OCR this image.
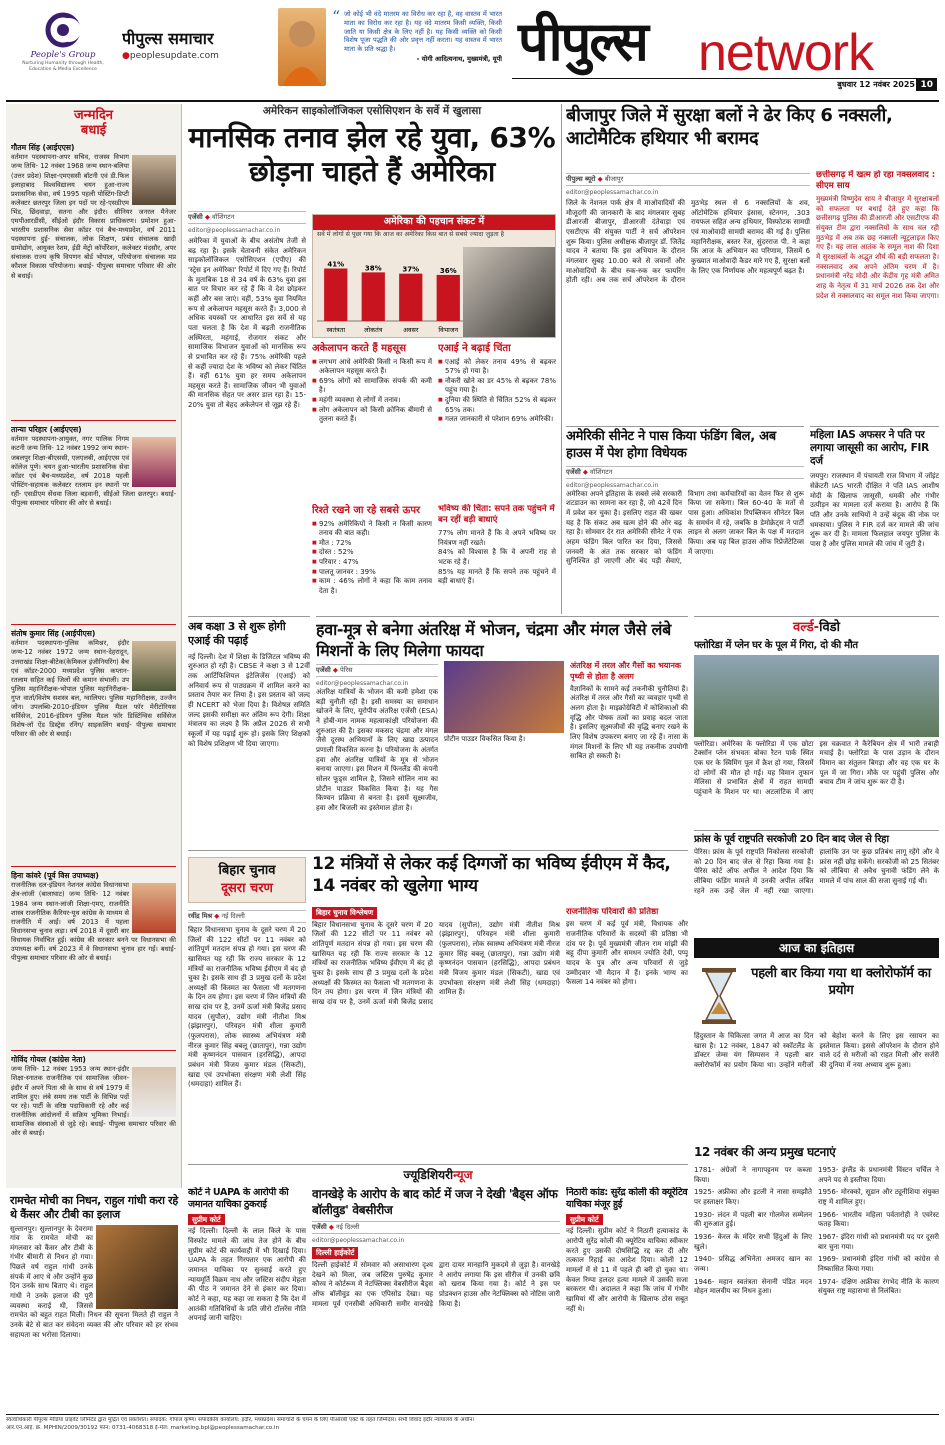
People's Group
Nurturing Humanity through Health, Education & Media Excellence
पीपुल्स समाचार
●peoplesupdate.com
“ जो कोई भी वंदे मातरम का विरोध कर रहा है, वह वास्तव में भारत माता का विरोध कर रहा है। यह वंदे मातरम किसी व्यक्ति, किसी जाति या किसी क्षेत्र के लिए नहीं है। यह किसी व्यक्ति को किसी विशेष पूजा पद्धति की ओर प्रवृत्त नहीं करता। यह वास्तव में भारत माता के प्रति श्रद्धा है।
- योगी आदित्यनाथ, मुख्यमंत्री, यूपी पीपुल्स network
बुधवार 12 नवंबर 2025 10
जन्मदिन
बधाई
गौतम सिंह (आईएएस)
वर्तमान पदस्थापना-अपर सचिव, राजस्व विभाग जन्म तिथि- 12 नवंबर 1968 जन्म स्थान-बलिया (उत्तर प्रदेश) शिक्षा-एमएससी बॉटनी एवं डी.फिल इलाहाबाद विश्वविद्यालय चयन हुआ-राज्य प्रशासनिक सेवा, वर्ष 1995 पहली पोस्टिंग-डिप्टी कलेक्टर छतरपुर जिला इन पदों पर रहे-एसडीएम भिंड, छिंदवाड़ा, सतना और इंदौर। सीनियर जनरल मैनेजर एमपीआरडीसी, सीईओ इंदौर विकास प्राधिकरण। प्रमोशन हुआ-भारतीय प्रशासनिक सेवा कॉडर एवं बैच-मध्यप्रदेश, वर्ष 2011 पदस्थापना हुई- संचालक, लोक शिक्षण, प्रबंध संचालक खादी ग्रामोद्योग, आयुक्त रेशम, ईडी मेट्रो कॉर्पोरेशन, कलेक्टर मंदसौर, अपर संचालक राज्य कृषि विपणन बोर्ड भोपाल, परियोजना संचालक मप्र कौशल विकास परियोजना। बधाई- पीपुल्स समाचार परिवार की ओर से बधाई।
तान्या परिहार (आईएएस)
वर्तमान पदस्थापना-आयुक्त, नगर पालिक निगम कटनी जन्म तिथि- 12 नवंबर 1992 जन्म स्थान-जबलपुर शिक्षा-बीएससी, एलएलबी, आईएएस एवं कॉलेज पूणे। चयन हुआ-भारतीय प्रशासनिक सेवा कॉडर एवं बैच-मध्यप्रदेश, वर्ष 2018 पहली पोस्टिंग-सहायक कलेक्टर रतलाम इन स्थानों पर रहीं- एसडीएम सेंधवा जिला बड़वानी, सीईओ जिला छतरपुर। बधाई- पीपुल्स समाचार परिवार की ओर से बधाई।
संतोष कुमार सिंह (आईपीएस)
वर्तमान पदस्थापना-पुलिस कमिश्नर, इंदौर जन्म-12 नवंबर 1972 जन्म स्थान-देहरादून, उत्तराखंड शिक्षा-बीटेक(केमिकल इंजीनियरिंग) बैच एवं कॉडर-2000 मध्यप्रदेश पुलिस कप्तान-रतलाम सहित कई जिलों की कमान संभाली। उप पुलिस महानिरीक्षक-भोपाल पुलिस महानिरीक्षक-गुप्त वार्ता/विशेष सशस्त्र बल, ग्वालियर। पुलिस महानिरीक्षक, उज्जैन जोन। उपलब्धि-2010-इंडियन पुलिस मैडल फॉर मेरीटोरियस सर्विसेज, 2016-इंडियन पुलिस मैडल फॉर डिस्टिंग्विस सर्विसेज विशेष-लॉ ऐंड डिस्ट्रेस रनिंग/ साइकलिंग बधाई- पीपुल्स समाचार परिवार की ओर से बधाई।
हिना कांवरे (पूर्व विस उपाध्यक्ष)
राजनीतिक दल-इंडियन नेशनल कांग्रेस विधानसभा क्षेत्र-लांजी (बालाघाट) जन्म तिथि- 12 नवंबर 1984 जन्म स्थान-लांजी शिक्षा-एमए, राजनीति शास्त्र राजनीतिक कैरियर-यूथ कांग्रेस के माध्यम से राजनीति में आईं। वर्ष 2013 में पहला विधानसभा चुनाव लड़ा। वर्ष 2018 में दूसरी बार विधायक निर्वाचित हुईं। कांग्रेस की सरकार बनने पर विधानसभा की उपाध्यक्ष बनीं। वर्ष 2023 में वे विधानसभा चुनाव हार गईं। बधाई- पीपुल्स समाचार परिवार की ओर से बधाई।
गोविंद गोयल (कांग्रेस नेता)
जन्म तिथि- 12 नवंबर 1953 जन्म स्थान-इंदौर शिक्षा-स्नातक राजनीतिक एवं सामाजिक जीवन-इंदौर में अपने पिता श्री के साथ से वर्ष 1979 में शामिल हुए। लंबे समय तक पार्टी के विभिन्न पदों पर रहे। पार्टी के वरिष्ठ पदाधिकारी रहे और कई राजनीतिक आंदोलनों में सक्रिय भूमिका निभाई। सामाजिक संस्थाओं से जुड़े रहे। बधाई- पीपुल्स समाचार परिवार की ओर से बधाई।
रामचेत मोची का निधन, राहुल गांधी करा रहे थे कैंसर और टीबी का इलाज
सुल्तानपुर। सुल्तानपुर के देवरामा गांव के रामचेत मोची का मंगलवार को कैंसर और टीबी के गंभीर बीमारी से निधन हो गया। पिछले वर्ष राहुल गांधी उनके संपर्क में आए थे और उन्होंने कुछ दिन उनके साथ बिताए थे। राहुल गांधी ने उनके इलाज की पूरी व्यवस्था कराई थी, जिससे रामचेत को बहुत राहत मिली। निधन की सूचना मिलते ही राहुल ने उनके बेटे से बात कर संवेदना व्यक्त की और परिवार को हर संभव सहायता का भरोसा दिलाया।
अमेरिकन साइकोलॉजिकल एसोसिएशन के सर्वे में खुलासा
मानसिक तनाव झेल रहे युवा, 63% छोड़ना चाहते हैं अमेरिका
एजेंसी ◆ वॉशिंगटन
editor@peoplessamachar.co.in
अमेरिका में युवाओं के बीच असंतोष तेजी से बढ़ रहा है। इसके चेतावनी संकेत अमेरिकन साइकोलॉजिकल एसोसिएशन (एपीए) की 'स्ट्रेस इन अमेरिका' रिपोर्ट में दिए गए हैं। रिपोर्ट के मुताबिक 18 से 34 वर्ष के 63% युवा इस बात पर विचार कर रहे हैं कि वे देश छोड़कर कहीं और बस जाएं। वहीं, 53% युवा नियमित रूप से अकेलापन महसूस करते हैं। 3,000 से अधिक वयस्कों पर आधारित इस सर्वे से यह पता चलता है कि देश में बढ़ती राजनीतिक अस्थिरता, महंगाई, रोजगार संकट और सामाजिक विभाजन युवाओं को मानसिक रूप से प्रभावित कर रहे हैं। 75% अमेरिकी पहले से कहीं ज्यादा देश के भविष्य को लेकर चिंतित हैं। वहीं 61% युवा हर समय अकेलापन महसूस करते हैं। सामाजिक जीवन भी युवाओं की मानसिक सेहत पर असर डाल रहा है। 15-20% युवा तो बेहद अकेलेपन से जूझ रहे हैं।
अमेरिका की पहचान संकट में
सर्वे में लोगों से पूछा गया कि आज का अमेरिका किस बात से सबसे ज्यादा जुड़ता है
41%
स्वतंत्रता
38%
लोकतंत्र
37%
अवसर
36%
विभाजन
अकेलापन करते हैं महसूस
■ लगभग आधे अमेरिकी किसी न किसी रूप में अकेलापन महसूस करते हैं।
■ 69% लोगों को सामाजिक संपर्क की कमी है।
■ महंगी व्यवस्था से लोगों में तनाव।
■ लोग अकेलापन को किसी क्रोनिक बीमारी से तुलना करते हैं।
एआई ने बढ़ाई चिंता
■ एआई को लेकर तनाव 49% से बढ़कर 57% हो गया है।
■ नौकरी खोने का डर 45% से बढ़कर 78% पहुंच गया है।
■ दुनिया की स्थिति से चिंतित 52% से बढ़कर 65% तक।
■ गलत जानकारी से परेशान 69% अमेरिकी।
रिश्ते रखने जा रहे सबसे ऊपर
■ 92% अमेरिकियों ने किसी न किसी कारण तनाव की बात कही।
■ मौत : 72%
■ दोस्त : 52%
■ परिवार : 47%
■ पालतू जानवर : 39%
■ काम : 46% लोगों ने कहा कि काम तनाव देता है।
भविष्य की चिंता: सपने तक पहुंचने में बन रहीं बड़ी बाधाएं
77% लोग मानते हैं कि वे अपने भविष्य पर नियंत्रण नहीं रखते।
84% को विश्वास है कि वे अपनी राह से भटक रहे हैं।
85% यह मानते हैं कि सपने तक पहुंचने में बड़ी बाधाएं हैं।
बीजापुर जिले में सुरक्षा बलों ने ढेर किए 6 नक्सली, आटोमैटिक हथियार भी बरामद
पीपुल्स ब्यूरो ◆ बीजापुर
editor@peoplessamachar.co.in
जिले के नेशनल पार्क क्षेत्र में माओवादियों की मौजूदगी की जानकारी के बाद मंगलवार सुबह डीआरजी बीजापुर, डीआरजी दंतेवाड़ा एवं एसटीएफ की संयुक्त पार्टी ने सर्च ऑपरेशन शुरू किया। पुलिस अधीक्षक बीजापुर डॉ. जितेंद्र यादव ने बताया कि इस अभियान के दौरान मंगलवार सुबह 10.00 बजे से जवानों और माओवादियों के बीच रुक-रुक कर फायरिंग होती रही। अब तक सर्च ऑपरेशन के दौरान मुठभेड़ स्थल से 6 नक्सलियों के शव, ऑटोमेटिक हथियार इंसास, स्टेनगन, .303 रायफल सहित अन्य हथियार, विस्फोटक सामग्री एवं माओवादी सामग्री बरामद की गई है। पुलिस महानिरीक्षक, बस्तर रेंज, सुंदरराज पी. ने कहा कि आज के अभियान का परिणाम, जिसमें 6 कुख्यात माओवादी कैडर मारे गए हैं, सुरक्षा बलों के लिए एक निर्णायक और महत्वपूर्ण बढ़त है।
छत्तीसगढ़ में खत्म हो रहा नक्सलवाद : सीएम साय
मुख्यमंत्री विष्णुदेव साय ने बीजापुर में सुरक्षाबलों को सफलता पर बधाई देते हुए कहा कि छत्तीसगढ़ पुलिस की डीआरजी और एसटीएफ की संयुक्त टीम द्वारा नक्सलियों के साथ चल रही मुठभेड़ में अब तक छह नक्सली न्यूट्रलाइज किए गए हैं। यह लाल आतंक के समूल नाश की दिशा में सुरक्षाबलों के अद्भुत शौर्य की बड़ी सफलता है। नक्सलवाद अब अपने अंतिम चरण में है। प्रधानमंत्री नरेंद्र मोदी और केंद्रीय गृह मंत्री अमित शाह के नेतृत्व में 31 मार्च 2026 तक देश और प्रदेश से नक्सलवाद का समूल नाश किया जाएगा।
अमेरिकी सीनेट ने पास किया फंडिंग बिल, अब हाउस में पेश होगा विधेयक
एजेंसी ◆ वॉशिंगटन
editor@peoplessamachar.co.in
अमेरिका अपने इतिहास के सबसे लंबे सरकारी शटडाउन का सामना कर रहा है, जो 42वें दिन में प्रवेश कर चुका है। इसलिए राहत की खबर यह है कि संकट अब खत्म होने की ओर बढ़ रहा है। सोमवार देर रात अमेरिकी सीनेट ने एक अहम फंडिंग बिल पारित कर दिया, जिससे जनवरी के अंत तक सरकार को फंडिंग सुनिश्चित हो जाएगी और बंद पड़ी सेवाएं, विभाग तथा कर्मचारियों का वेतन फिर से शुरू किया जा सकेगा। बिल 60-40 के मतों से पास हुआ। अधिकांश रिपब्लिकन सीनेटर बिल के समर्थन में रहे, जबकि 8 डेमोक्रेट्स ने पार्टी लाइन से अलग जाकर बिल के पक्ष में मतदान किया। अब यह बिल हाउस ऑफ रिप्रेजेंटेटिव्स में जाएगा।
महिला IAS अफसर ने पति पर लगाया जासूसी का आरोप, FIR दर्ज
जयपुर। राजस्थान में पंचायती राज विभाग में जॉइंट सेक्रेटरी IAS भारती दीक्षित ने पति IAS आशीष मोदी के खिलाफ जासूसी, धमकी और गंभीर उत्पीड़न का मामला दर्ज कराया है। आरोप है कि पति और उनके साथियों ने उन्हें बंदूक की नोक पर धमकाया। पुलिस ने FIR दर्ज कर मामले की जांच शुरू कर दी है। मामला फिलहाल जयपुर पुलिस के पास है और पुलिस मामले की जांच में जुटी है।
अब कक्षा 3 से शुरू होगी एआई की पढ़ाई
नई दिल्ली। देश में शिक्षा के डिजिटल भविष्य की शुरुआत हो रही है। CBSE ने कक्षा 3 से 12वीं तक आर्टिफिशियल इंटेलिजेंस (एआई) को अनिवार्य रूप से पाठ्यक्रम में शामिल करने का प्रस्ताव तैयार कर लिया है। इस प्रस्ताव को जल्द ही NCERT को भेजा दिया है। विशेषज्ञ समिति जल्द इसकी समीक्षा कर अंतिम रूप देगी। शिक्षा मंत्रालय का लक्ष्य है कि अप्रैल 2026 से सभी स्कूलों में यह पढ़ाई शुरू हो। इसके लिए शिक्षकों को विशेष प्रशिक्षण भी दिया जाएगा।
हवा-मूत्र से बनेगा अंतरिक्ष में भोजन, चंद्रमा और मंगल जैसे लंबे मिशनों के लिए मिलेगा फायदा
एजेंसी ◆ पेरिस
editor@peoplessamachar.co.in
अंतरिक्ष यात्रियों के भोजन की कमी हमेशा एक बड़ी चुनौती रही है। इसी समस्या का समाधान खोजने के लिए, यूरोपीय अंतरिक्ष एजेंसी (ESA) ने होबी-मान नामक महत्वाकांक्षी परियोजना की शुरुआत की है। इसका मकसद चंद्रमा और मंगल जैसे दूरस्थ अभियानों के लिए खाद्य उत्पादन प्रणाली विकसित करना है। परियोजना के अंतर्गत हवा और अंतरिक्ष यात्रियों के मूत्र से भोजन बनाया जाएगा। इस मिशन में फिनलैंड की कंपनी सोलर फूड्स शामिल है, जिसने सोलिन नाम का प्रोटीन पाउडर विकसित किया है। यह गैस किण्वन प्रक्रिया से बनता है। इसमें सूक्ष्मजीव, हवा और बिजली का इस्तेमाल होता है।
प्रोटीन पाउडर विकसित किया है।
अंतरिक्ष में तरल और गैसों का भयानक पृथ्वी से होता है अलग
वैज्ञानिकों के सामने कई तकनीकी चुनौतियां हैं। अंतरिक्ष में तरल और गैसों का व्यवहार पृथ्वी से अलग होता है। माइक्रोग्रेविटी में कोशिकाओं की वृद्धि और पोषक तत्वों का प्रवाह बदल जाता है। इसलिए सूक्ष्मजीवों की वृद्धि बनाए रखने के लिए विशेष उपकरण बनाए जा रहे हैं। नासा के मंगल मिशनों के लिए भी यह तकनीक उपयोगी साबित हो सकती है।
वर्ल्ड-विडो
फ्लोरिडा में प्लेन घर के पूल में गिरा, दो की मौत
फ्लोरिडा। अमेरिका के फ्लोरिडा में एक छोटा टेक्सॉन प्लेन संभवतः बोका रैटन पार्क स्थित एक घर के स्विमिंग पूल में क्रैश हो गया, जिसमें दो लोगों की मौत हो गई। यह विमान तूफान मेलिसा से प्रभावित क्षेत्रों में राहत सामग्री पहुंचाने के मिशन पर था। अटलांटिक में आए इस चक्रवात ने कैरेबियन क्षेत्र में भारी तबाही मचाई है। फ्लोरिडा के पास उड़ान के दौरान विमान का संतुलन बिगड़ा और वह एक घर के पूल में जा गिरा। मौके पर पहुंची पुलिस और बचाव टीम ने जांच शुरू कर दी है।
फ्रांस के पूर्व राष्ट्रपति सरकोजी 20 दिन बाद जेल से रिहा
पेरिस। फ्रांस के पूर्व राष्ट्रपति निकोलस सरकोजी को 20 दिन बाद जेल से रिहा किया गया है। पेरिस कोर्ट ऑफ अपील ने आदेश दिया कि लीबिया फंडिंग मामले में उनकी अपील लंबित रहने तक उन्हें जेल में नहीं रखा जाएगा। हालांकि उन पर कुछ प्रतिबंध लागू रहेंगे और वे फ्रांस नहीं छोड़ सकेंगे। सरकोजी को 25 सितंबर को लीबिया से अवैध चुनावी फंडिंग लेने के मामले में पांच साल की सजा सुनाई गई थी।
बिहार चुनाव
दूसरा चरण
12 मंत्रियों से लेकर कई दिग्गजों का भविष्य ईवीएम में कैद, 14 नवंबर को खुलेगा भाग्य
रवींद्र मिश्र ◆ नई दिल्ली
बिहार विधानसभा चुनाव के दूसरे चरण में 20 जिलों की 122 सीटों पर 11 नवंबर को शांतिपूर्ण मतदान संपन्न हो गया। इस चरण की खासियत यह रही कि राज्य सरकार के 12 मंत्रियों का राजनीतिक भविष्य ईवीएम में बंद हो चुका है। इसके साथ ही 3 प्रमुख दलों के प्रदेश अध्यक्षों की किस्मत का फैसला भी मतगणना के दिन तय होगा। इस चरण में जिन मंत्रियों की साख दांव पर है, उनमें ऊर्जा मंत्री बिजेंद्र प्रसाद यादव (सुपौल), उद्योग मंत्री नीतीश मिश्र (झंझारपुर), परिवहन मंत्री शीला कुमारी (फुलपरास), लोक स्वास्थ्य अभियंत्रण मंत्री नीरज कुमार सिंह बबलू (छातापुर), गन्ना उद्योग मंत्री कृष्णनंदन पासवान (हरसिद्धि), आपदा प्रबंधन मंत्री विजय कुमार मंडल (सिकटी), खाद्य एवं उपभोक्ता संरक्षण मंत्री लेशी सिंह (धमदाहा) शामिल हैं।
बिहार चुनाव विश्लेषण
बिहार विधानसभा चुनाव के दूसरे चरण में 20 जिलों की 122 सीटों पर 11 नवंबर को शांतिपूर्ण मतदान संपन्न हो गया। इस चरण की खासियत यह रही कि राज्य सरकार के 12 मंत्रियों का राजनीतिक भविष्य ईवीएम में बंद हो चुका है। इसके साथ ही 3 प्रमुख दलों के प्रदेश अध्यक्षों की किस्मत का फैसला भी मतगणना के दिन तय होगा। इस चरण में जिन मंत्रियों की साख दांव पर है, उनमें ऊर्जा मंत्री बिजेंद्र प्रसाद यादव (सुपौल), उद्योग मंत्री नीतीश मिश्र (झंझारपुर), परिवहन मंत्री शीला कुमारी (फुलपरास), लोक स्वास्थ्य अभियंत्रण मंत्री नीरज कुमार सिंह बबलू (छातापुर), गन्ना उद्योग मंत्री कृष्णनंदन पासवान (हरसिद्धि), आपदा प्रबंधन मंत्री विजय कुमार मंडल (सिकटी), खाद्य एवं उपभोक्ता संरक्षण मंत्री लेशी सिंह (धमदाहा) शामिल हैं।
राजनीतिक परिवारों की प्रतिष्ठा
इस चरण में कई पूर्व मंत्री, विधायक और राजनीतिक परिवारों के सदस्यों की प्रतिष्ठा भी दांव पर है। पूर्व मुख्यमंत्री जीतन राम मांझी की बहू दीपा कुमारी और समधन ज्योति देवी, पप्पू यादव के पुत्र और अन्य परिवारों से जुड़े उम्मीदवार भी मैदान में हैं। इनके भाग्य का फैसला 14 नवंबर को होगा।
आज का इतिहास
पहली बार किया गया था क्लोरोफॉर्म का प्रयोग
हिंदुस्तान के चिकित्सा जगत में आज का दिन खास है। 12 नवंबर, 1847 को स्कॉटलैंड के डॉक्टर जेम्स यंग सिम्पसन ने पहली बार क्लोरोफॉर्म का प्रयोग किया था। उन्होंने मरीजों को बेहोश करने के लिए इस रसायन का इस्तेमाल किया। इससे ऑपरेशन के दौरान होने वाले दर्द से मरीजों को राहत मिली और सर्जरी की दुनिया में नया अध्याय शुरू हुआ।
12 नवंबर की अन्य प्रमुख घटनाएं
1781- अंग्रेजों ने नागापट्टनम पर कब्जा किया।
1925- अफ्रीका और इटली ने नासा समझौते पर हस्ताक्षर किए।
1930- लंदन में पहली बार गोलमेज सम्मेलन की शुरुआत हुई।
1936- केरल के मंदिर सभी हिंदुओं के लिए खुले।
1940- प्रसिद्ध अभिनेता अमजद खान का जन्म।
1946- महान स्वतंत्रता सेनानी पंडित मदन मोहन मालवीय का निधन हुआ।
1953- इंग्लैंड के प्रधानमंत्री विंस्टन चर्चिल ने अपने पद से इस्तीफा दिया।
1956- मोरक्को, सूडान और ट्यूनीशिया संयुक्त राष्ट्र में शामिल हुए।
1966- भारतीय महिला पर्वतारोही ने एवरेस्ट फतह किया।
1967- इंदिरा गांधी को प्रधानमंत्री पद पर दूसरी बार चुना गया।
1969- प्रधानमंत्री इंदिरा गांधी को कांग्रेस से निष्कासित किया गया।
1974- दक्षिण अफ्रीका रंगभेद नीति के कारण संयुक्त राष्ट्र महासभा से निलंबित।
ज्यूडिशियरीन्यूज
कोर्ट ने UAPA के आरोपी की जमानत याचिका ठुकराई
सुप्रीम कोर्ट
नई दिल्ली। दिल्ली के लाल किले के पास विस्फोट मामले की जांच तेज होने के बीच सुप्रीम कोर्ट की कार्यवाही में भी दिखाई दिया। UAPA के तहत गिरफ्तार एक आरोपी की जमानत याचिका पर सुनवाई करते हुए न्यायमूर्ति विक्रम नाथ और जस्टिस संदीप मेहता की पीठ ने जमानत देने से इंकार कर दिया। कोर्ट ने कहा, यह कहा जा सकता है कि देश में आतंकी गतिविधियों के प्रति जीरो टॉलरेंस नीति अपनाई जानी चाहिए।
वानखेड़े के आरोप के बाद कोर्ट में जज ने देखी 'बैड्स ऑफ बॉलीवुड' वेबसीरीज
एजेंसी ◆ नई दिल्ली
editor@peoplessamachar.co.in
दिल्ली हाईकोर्ट
दिल्ली हाईकोर्ट में सोमवार को असाधारण दृश्य देखने को मिला, जब जस्टिस पुरुषेंद्र कुमार कौरव ने कोर्टरूम में नेटफ्लिक्स वेबसीरीज बैड्स ऑफ बॉलीवुड का एक एपिसोड देखा। यह मामला पूर्व एनसीबी अधिकारी समीर वानखेड़े द्वारा दायर मानहानि मुकदमे से जुड़ा है। वानखेड़े ने आरोप लगाया कि इस सीरीज में उनकी छवि को खराब किया गया है। कोर्ट ने इस पर प्रोडक्शन हाउस और नेटफ्लिक्स को नोटिस जारी किया है।
निठारी कांड: सुरेंद्र कोली की क्यूरेटिव याचिका मंजूर हुई
सुप्रीम कोर्ट
नई दिल्ली। सुप्रीम कोर्ट ने निठारी हत्याकांड के आरोपी सुरेंद्र कोली की क्यूरेटिव याचिका स्वीकार करते हुए उसकी दोषसिद्धि रद्द कर दी और तत्काल रिहाई का आदेश दिया। कोली 12 मामलों में से 11 में पहले ही बरी हो चुका था। केवल रिम्पा हलदर हत्या मामले में उसकी सजा बरकरार थी। अदालत ने कहा कि जांच में गंभीर खामियां थीं और आरोपी के खिलाफ ठोस सबूत नहीं थे।
स्वत्वाधिकारी पीपुल्स मीडिया प्राइवेट लिमिटेड द्वारा मुद्रित एवं प्रकाशित। संपादक: गोपाल कृष्ण। संपादकीय कार्यालय: इंदौर, मध्यप्रदेश। समाचारों के चयन के लिए पीआरबी एक्ट के तहत जिम्मेदार। सभी विवाद इंदौर न्यायालय के अधीन।
आर.एन.आई. क्र. MPHIN/2009/30192 फोन: 0731-4068318 ई-मेल: marketing.bpl@peoplessamachar.co.in
